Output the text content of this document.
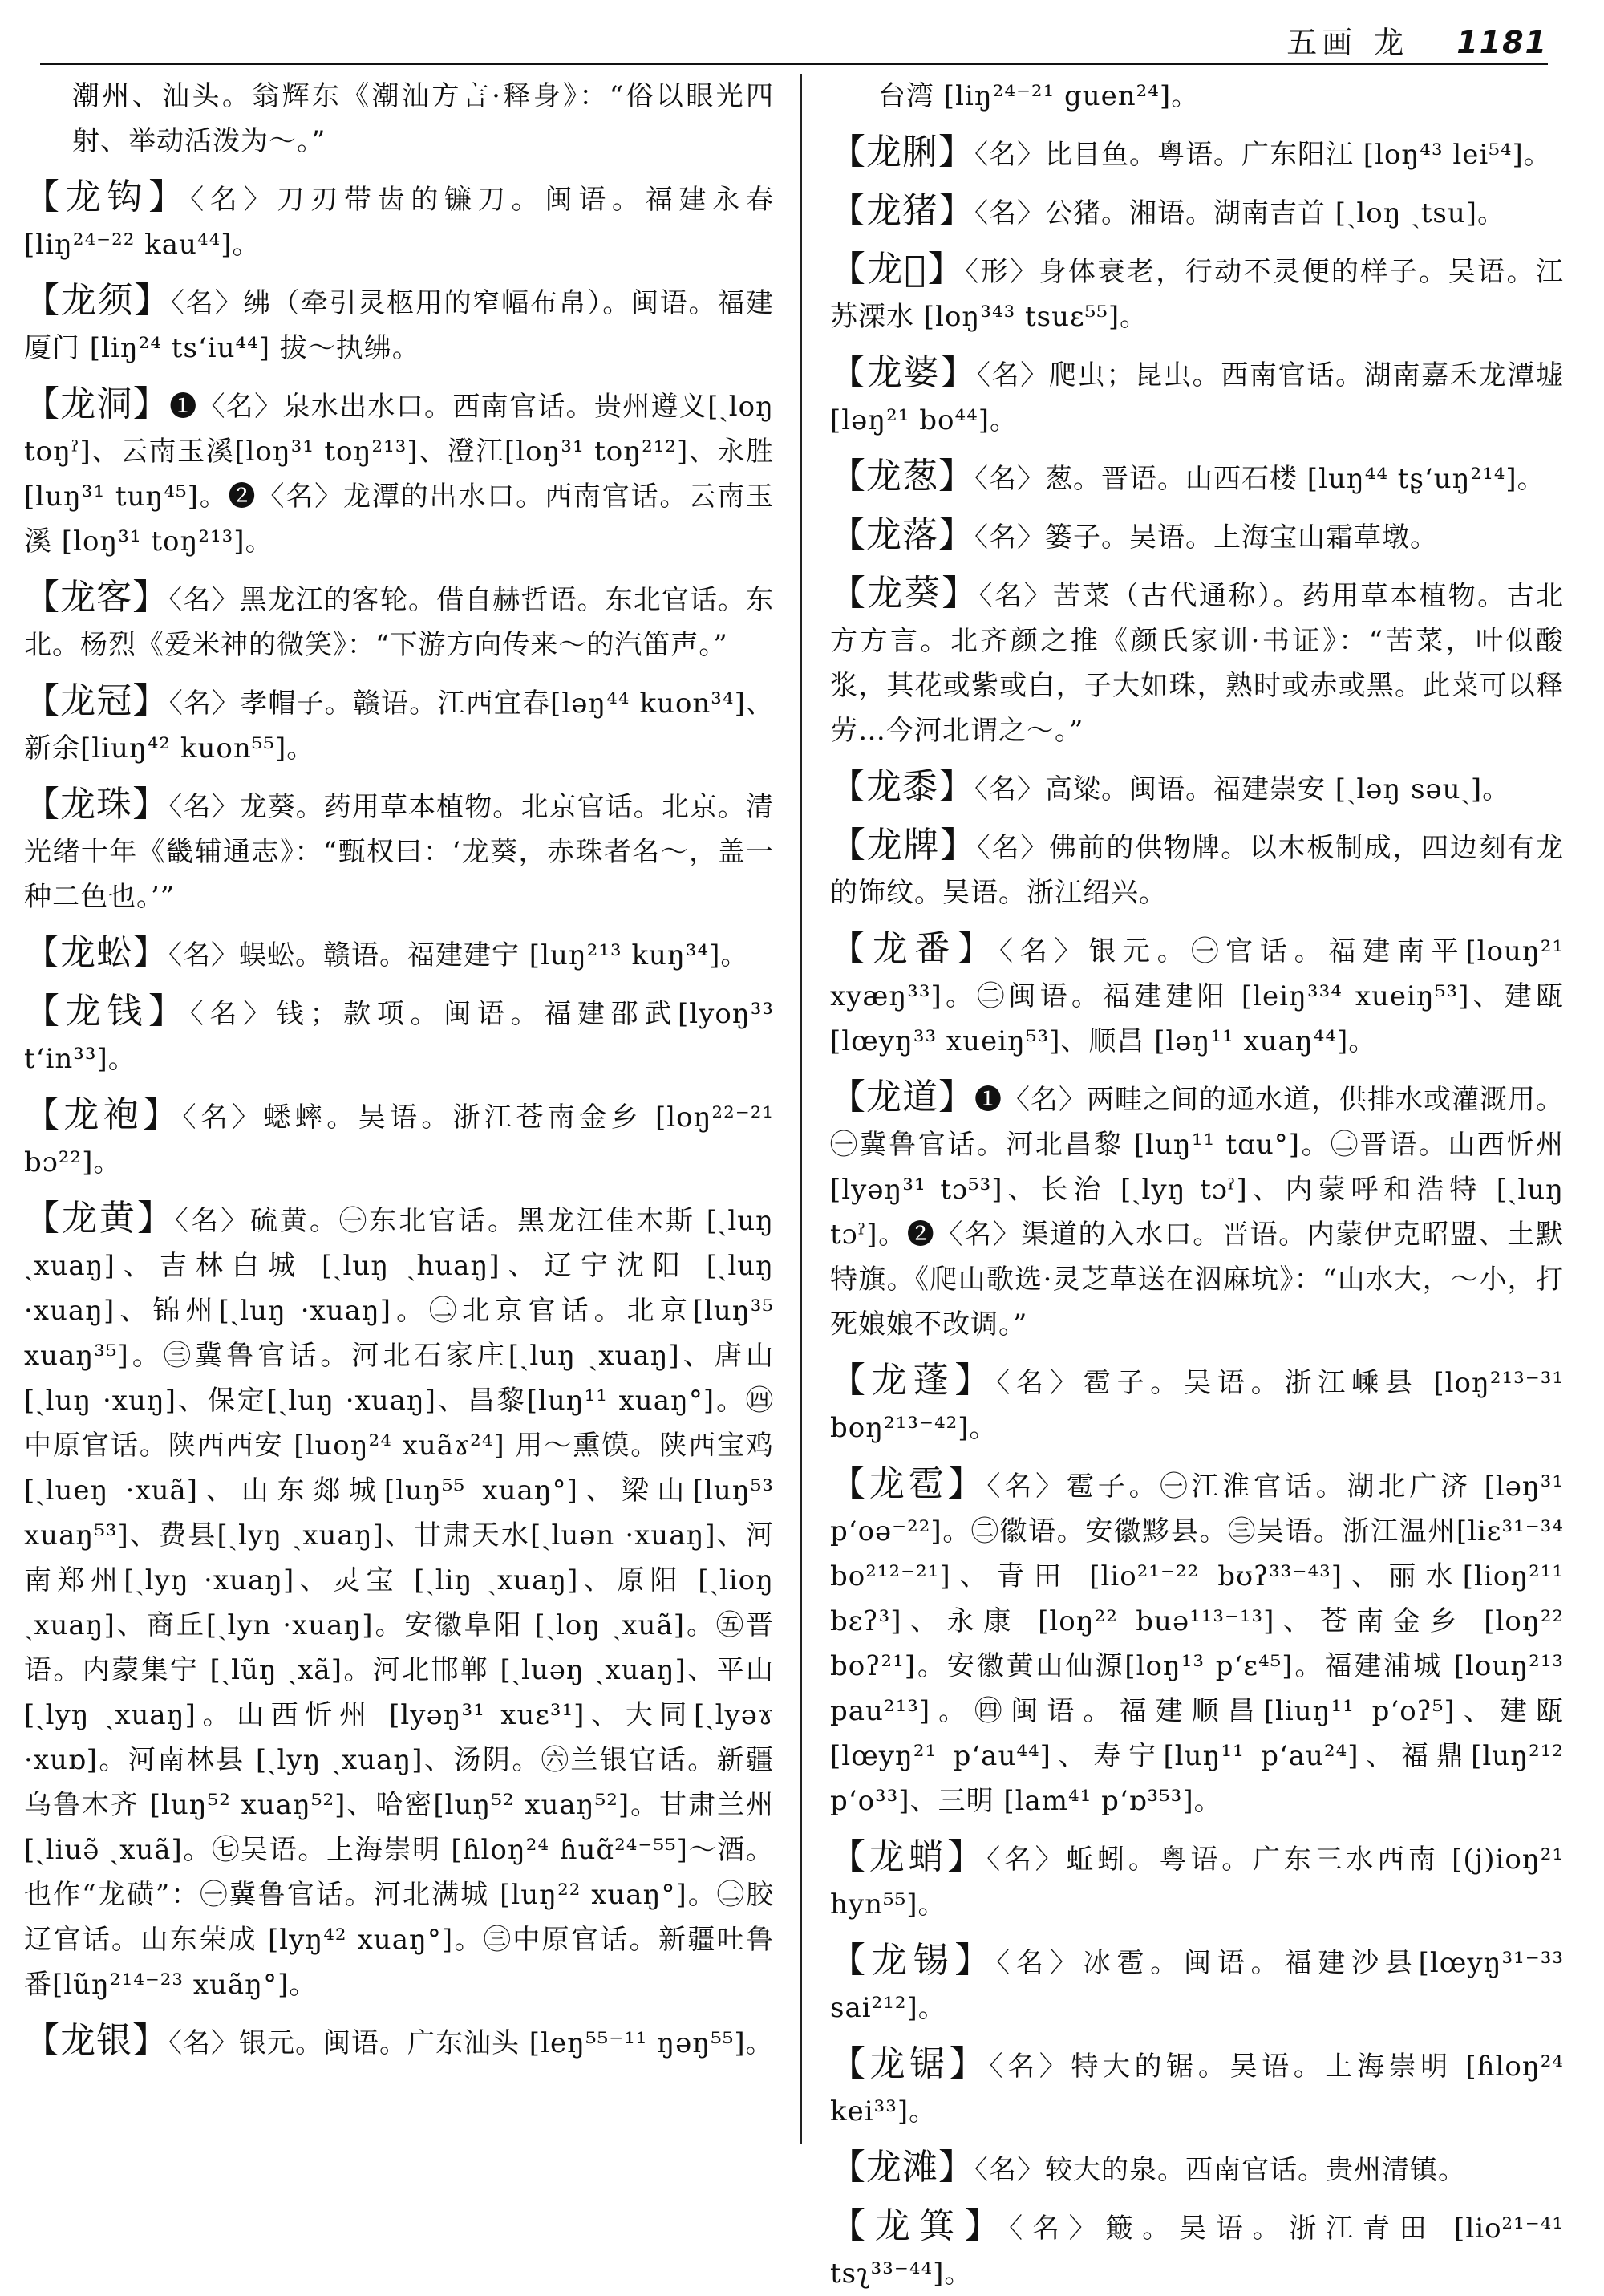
五画 龙 1181

潮州、汕头。翁辉东《潮汕方言·释身》：“俗以眼光四射、举动活泼为～。”

【龙钩】〈名〉刀刃带齿的镰刀。闽语。福建永春 [liŋ²⁴⁻²² kau⁴⁴]。

【龙须】〈名〉绋（牵引灵柩用的窄幅布帛）。闽语。福建厦门 [liŋ²⁴ ts‘iu⁴⁴] 拔～执绋。

【龙洞】❶〈名〉泉水出水口。西南官话。贵州遵义[ˏloŋ toŋˀ]、云南玉溪[loŋ³¹ toŋ²¹³]、澄江[loŋ³¹ toŋ²¹²]、永胜 [luŋ³¹ tuŋ⁴⁵]。❷〈名〉龙潭的出水口。西南官话。云南玉溪 [loŋ³¹ toŋ²¹³]。

【龙客】〈名〉黑龙江的客轮。借自赫哲语。东北官话。东北。杨烈《爱米神的微笑》：“下游方向传来～的汽笛声。”

【龙冠】〈名〉孝帽子。赣语。江西宜春[ləŋ⁴⁴ kuon³⁴]、新余[liuŋ⁴² kuon⁵⁵]。

【龙珠】〈名〉龙葵。药用草本植物。北京官话。北京。清光绪十年《畿辅通志》：“甄权曰：‘龙葵，赤珠者名～，盖一种二色也。’”

【龙蚣】〈名〉蜈蚣。赣语。福建建宁 [luŋ²¹³ kuŋ³⁴]。

【龙钱】〈名〉钱；款项。闽语。福建邵武[lyoŋ³³ t‘in³³]。

【龙袍】〈名〉蟋蟀。吴语。浙江苍南金乡 [loŋ²²⁻²¹ bɔ²²]。

【龙黄】〈名〉硫黄。㊀东北官话。黑龙江佳木斯 [ˏluŋ ˏxuaŋ]、吉林白城 [ˏluŋ ˏhuaŋ]、辽宁沈阳 [ˏluŋ ·xuaŋ]、锦州[ˏluŋ ·xuaŋ]。㊁北京官话。北京[luŋ³⁵ xuaŋ³⁵]。㊂冀鲁官话。河北石家庄[ˏluŋ ˏxuaŋ]、唐山[ˏluŋ ·xuŋ]、保定[ˏluŋ ·xuaŋ]、昌黎[luŋ¹¹ xuaŋ°]。㊃中原官话。陕西西安 [luoŋ²⁴ xuãɤ²⁴] 用～熏馍。陕西宝鸡[ˏlueŋ ·xuã]、山东郯城[luŋ⁵⁵ xuaŋ°]、梁山[luŋ⁵³ xuaŋ⁵³]、费县[ˏlyŋ ˏxuaŋ]、甘肃天水[ˏluən ·xuaŋ]、河南郑州[ˏlyŋ ·xuaŋ]、灵宝 [ˏliŋ ˏxuaŋ]、原阳 [ˏlioŋ ˏxuaŋ]、商丘[ˏlyn ·xuaŋ]。安徽阜阳 [ˏloŋ ˏxuã]。㊄晋语。内蒙集宁 [ˏlũŋ ˏxã]。河北邯郸 [ˏluəŋ ˏxuaŋ]、平山 [ˏlyŋ ˏxuaŋ]。山西忻州 [lyəŋ³¹ xuɛ³¹]、大同[ˏlyəɤ ·xuɒ]。河南林县 [ˏlyŋ ˏxuaŋ]、汤阴。㊅兰银官话。新疆乌鲁木齐 [luŋ⁵² xuaŋ⁵²]、哈密[luŋ⁵² xuaŋ⁵²]。甘肃兰州 [ˏliuə̃ ˏxuã]。㊆吴语。上海崇明 [ɦloŋ²⁴ ɦuɑ̃²⁴⁻⁵⁵]～酒。也作“龙磺”：㊀冀鲁官话。河北满城 [luŋ²² xuaŋ°]。㊁胶辽官话。山东荣成 [lyŋ⁴² xuaŋ°]。㊂中原官话。新疆吐鲁番[lũŋ²¹⁴⁻²³ xuãŋ°]。

【龙银】〈名〉银元。闽语。广东汕头 [leŋ⁵⁵⁻¹¹ ŋəŋ⁵⁵]。

台湾 [liŋ²⁴⁻²¹ guen²⁴]。

【龙脷】〈名〉比目鱼。粤语。广东阳江 [loŋ⁴³ lei⁵⁴]。

【龙猪】〈名〉公猪。湘语。湖南吉首 [ˏloŋ ˏtsu]。

【龙𪔵】〈形〉身体衰老，行动不灵便的样子。吴语。江苏溧水 [loŋ³⁴³ tsuɛ⁵⁵]。

【龙婆】〈名〉爬虫；昆虫。西南官话。湖南嘉禾龙潭墟 [ləŋ²¹ bo⁴⁴]。

【龙葱】〈名〉葱。晋语。山西石楼 [luŋ⁴⁴ tʂ‘uŋ²¹⁴]。

【龙落】〈名〉篓子。吴语。上海宝山霜草墩。

【龙葵】〈名〉苦菜（古代通称）。药用草本植物。古北方方言。北齐颜之推《颜氏家训·书证》：“苦菜，叶似酸浆，其花或紫或白，子大如珠，熟时或赤或黑。此菜可以释劳…今河北谓之～。”

【龙黍】〈名〉高粱。闽语。福建崇安 [ˏləŋ səuˏ]。

【龙牌】〈名〉佛前的供物牌。以木板制成，四边刻有龙的饰纹。吴语。浙江绍兴。

【龙番】〈名〉银元。㊀官话。福建南平[louŋ²¹ xyæŋ³³]。㊁闽语。福建建阳 [leiŋ³³⁴ xueiŋ⁵³]、建瓯[lœyŋ³³ xueiŋ⁵³]、顺昌 [ləŋ¹¹ xuaŋ⁴⁴]。

【龙道】❶〈名〉两畦之间的通水道，供排水或灌溉用。㊀冀鲁官话。河北昌黎 [luŋ¹¹ tɑu°]。㊁晋语。山西忻州 [lyəŋ³¹ tɔ⁵³]、长治 [ˏlyŋ tɔˀ]、内蒙呼和浩特 [ˏluŋ tɔˀ]。❷〈名〉渠道的入水口。晋语。内蒙伊克昭盟、土默特旗。《爬山歌选·灵芝草送在泅麻坑》：“山水大，～小，打死娘娘不改调。”

【龙蓬】〈名〉雹子。吴语。浙江嵊县 [loŋ²¹³⁻³¹ boŋ²¹³⁻⁴²]。

【龙雹】〈名〉雹子。㊀江淮官话。湖北广济 [ləŋ³¹ p‘oə⁻²²]。㊁徽语。安徽黟县。㊂吴语。浙江温州[liɛ³¹⁻³⁴ bo²¹²⁻²¹]、青田 [lio²¹⁻²² bʊʔ³³⁻⁴³]、丽水[lioŋ²¹¹ bɛʔ³]、永康 [loŋ²² buə¹¹³⁻¹³]、苍南金乡 [loŋ²² boʔ²¹]。安徽黄山仙源[loŋ¹³ p‘ɛ⁴⁵]。福建浦城 [louŋ²¹³ pau²¹³]。㊃闽语。福建顺昌[liuŋ¹¹ p‘oʔ⁵]、建瓯 [lœyŋ²¹ p‘au⁴⁴]、寿宁[luŋ¹¹ p‘au²⁴]、福鼎[luŋ²¹² p‘o³³]、三明 [lam⁴¹ p‘ɒ³⁵³]。

【龙蛸】〈名〉蚯蚓。粤语。广东三水西南 [(j)ioŋ²¹ hyn⁵⁵]。

【龙锡】〈名〉冰雹。闽语。福建沙县[lœyŋ³¹⁻³³ sai²¹²]。

【龙锯】〈名〉特大的锯。吴语。上海崇明 [ɦloŋ²⁴ kei³³]。

【龙滩】〈名〉较大的泉。西南官话。贵州清镇。

【龙箕】〈名〉簸。吴语。浙江青田 [lio²¹⁻⁴¹ tsʅ³³⁻⁴⁴]。
